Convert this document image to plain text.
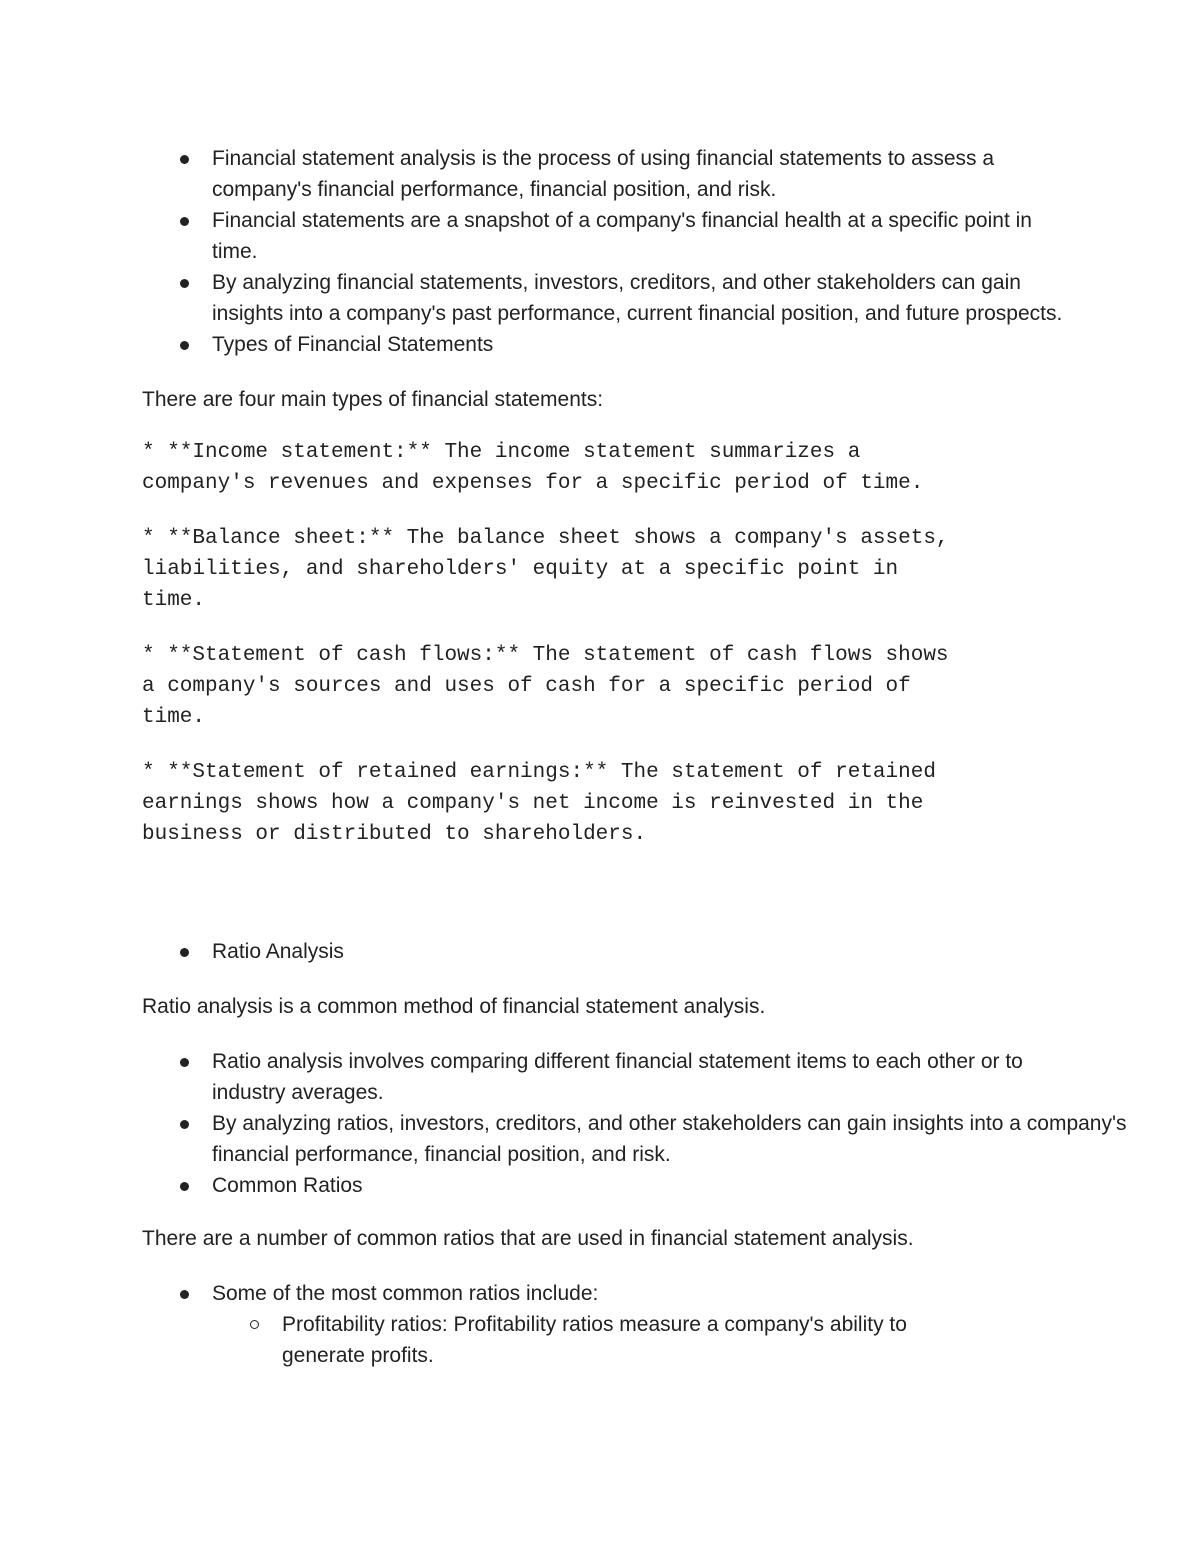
Financial statement analysis is the process of using financial statements to assess a company's financial performance, financial position, and risk.
Financial statements are a snapshot of a company's financial health at a specific point in time.
By analyzing financial statements, investors, creditors, and other stakeholders can gain insights into a company's past performance, current financial position, and future prospects.
Types of Financial Statements

There are four main types of financial statements:

* **Income statement:** The income statement summarizes a
company's revenues and expenses for a specific period of time.

* **Balance sheet:** The balance sheet shows a company's assets,
liabilities, and shareholders' equity at a specific point in
time.

* **Statement of cash flows:** The statement of cash flows shows
a company's sources and uses of cash for a specific period of
time.

* **Statement of retained earnings:** The statement of retained
earnings shows how a company's net income is reinvested in the
business or distributed to shareholders.

Ratio Analysis

Ratio analysis is a common method of financial statement analysis.

Ratio analysis involves comparing different financial statement items to each other or to industry averages.
By analyzing ratios, investors, creditors, and other stakeholders can gain insights into a company's financial performance, financial position, and risk.
Common Ratios

There are a number of common ratios that are used in financial statement analysis.

Some of the most common ratios include:
Profitability ratios: Profitability ratios measure a company's ability to generate profits.
